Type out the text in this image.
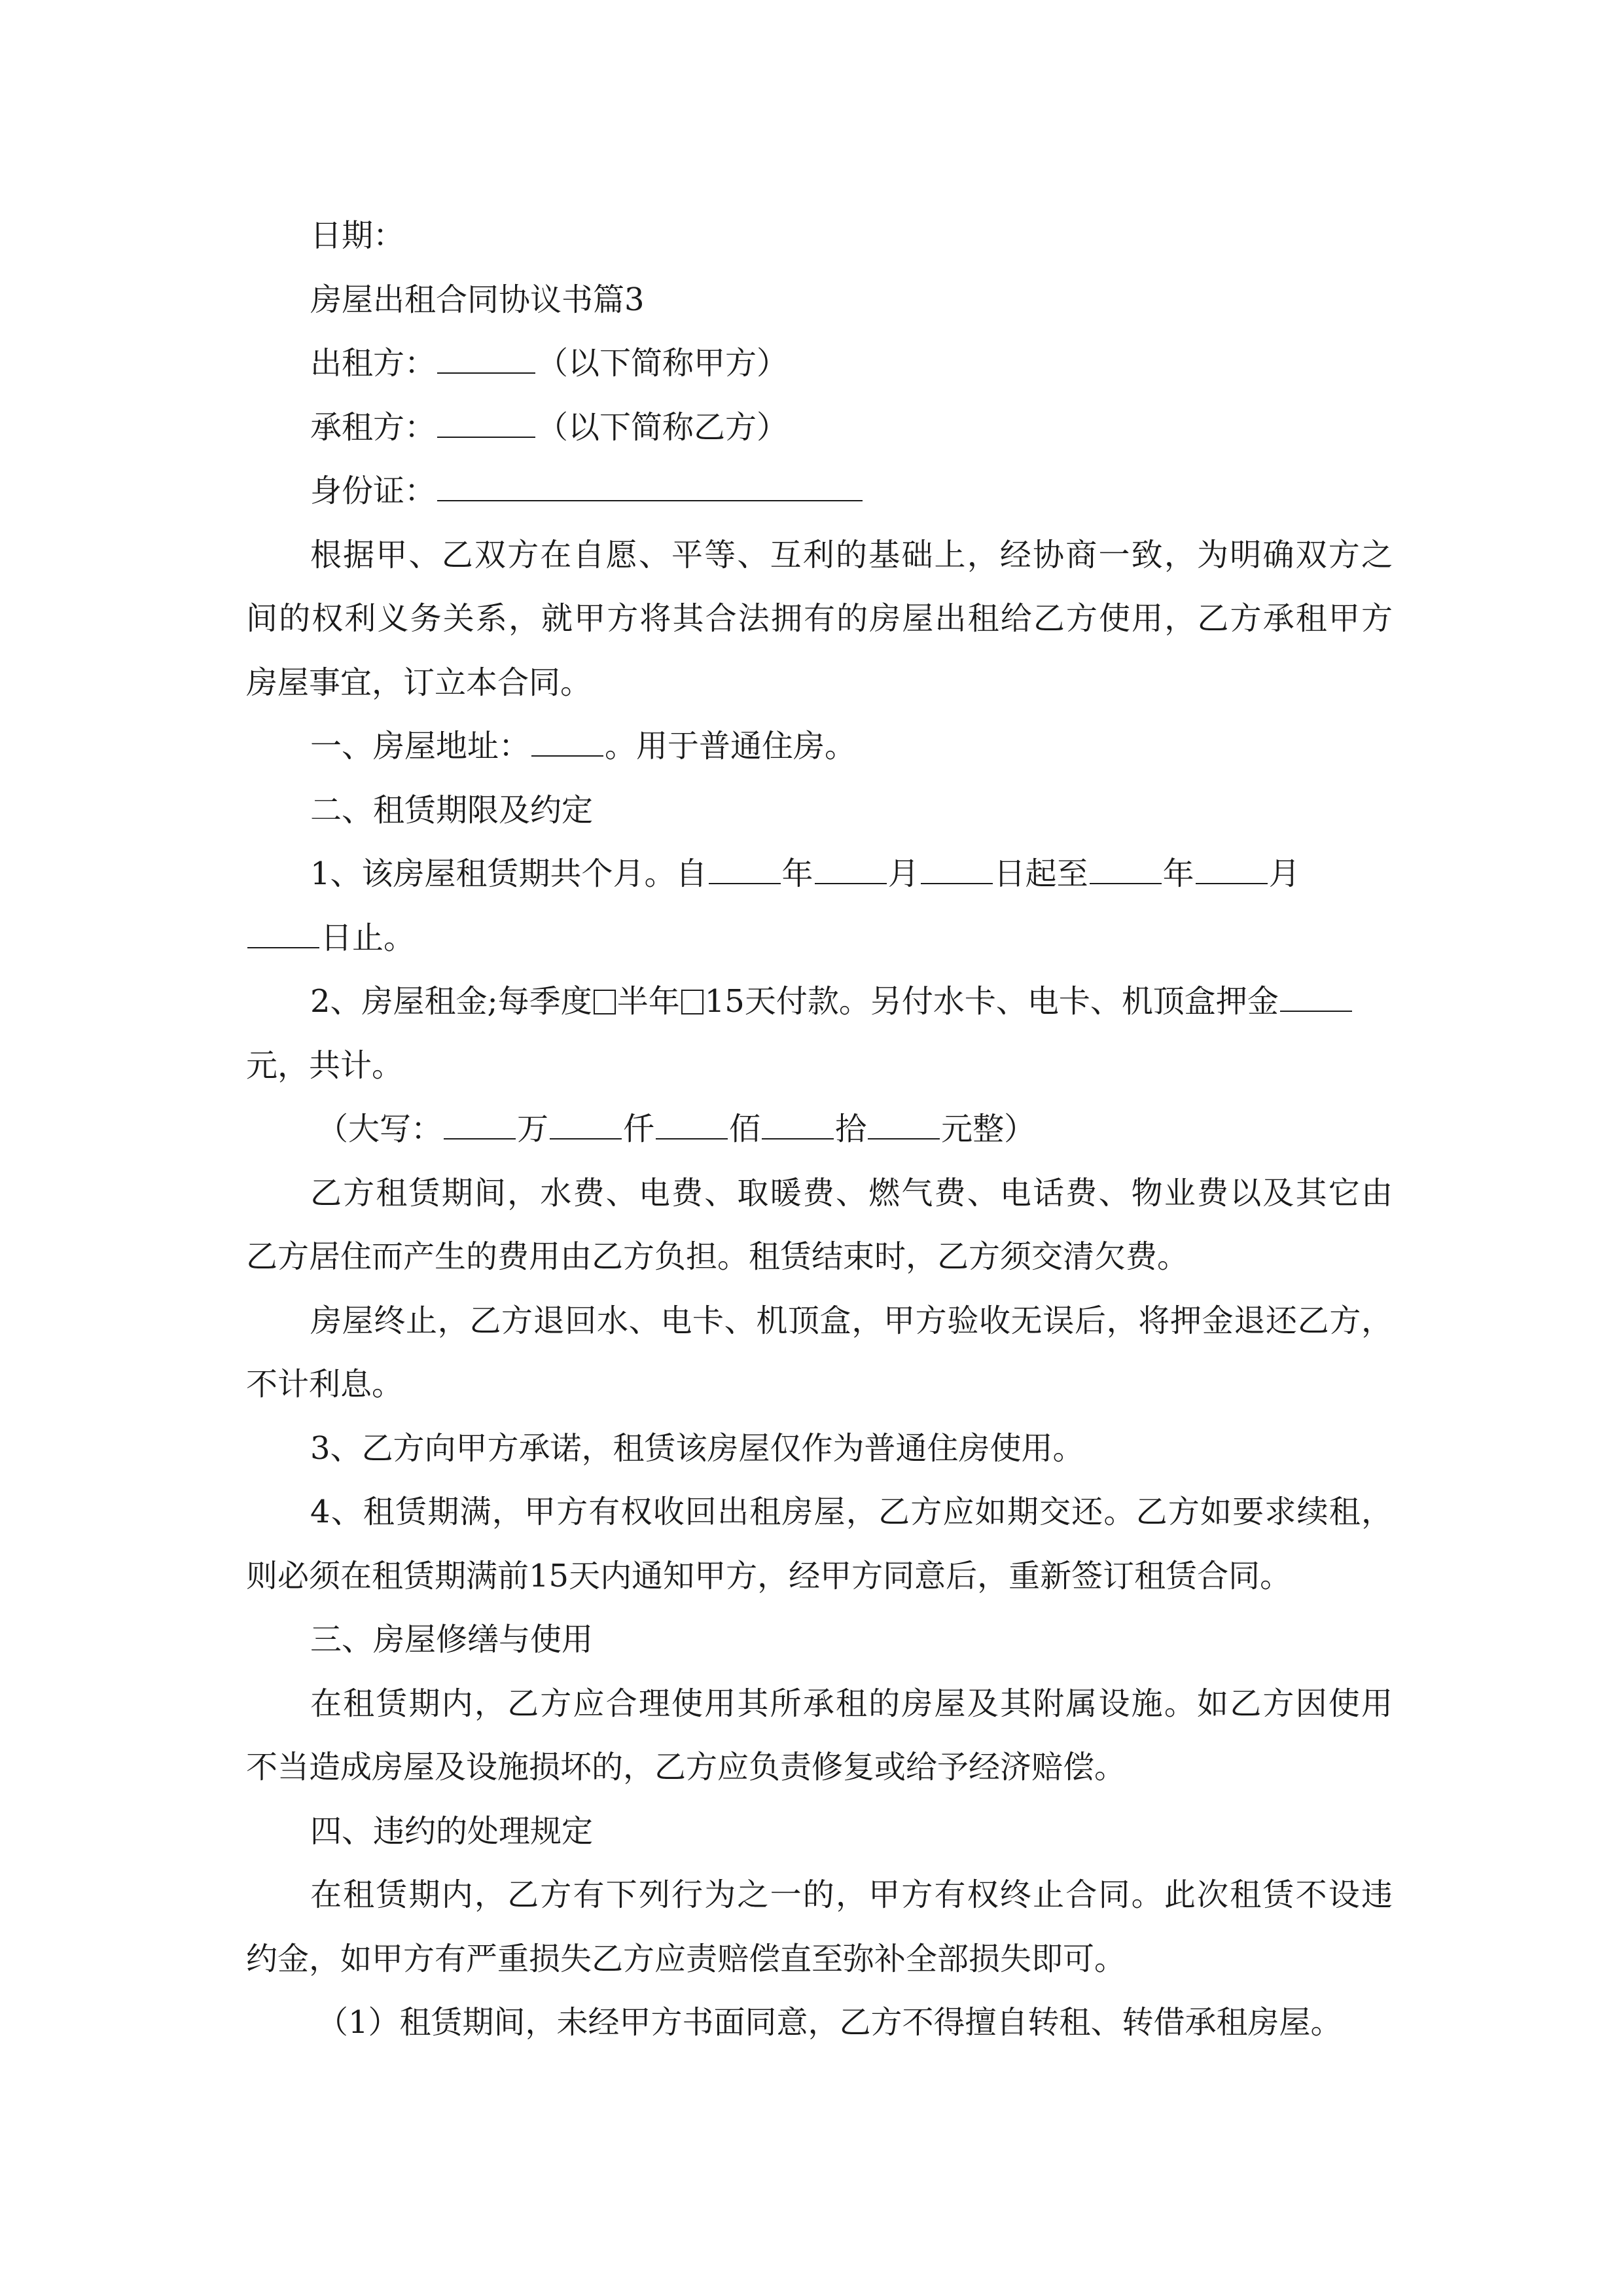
日期：
房屋出租合同协议书篇3
出租方：	（以下简称甲方）
承租方：	（以下简称乙方）
身份证：
根据甲、乙双方在自愿、平等、互利的基础上，经协商一致，为明确双方之
间的权利义务关系，就甲方将其合法拥有的房屋出租给乙方使用，乙方承租甲方
房屋事宜，订立本合同。
一、房屋地址： 。用于普通住房。
二、租赁期限及约定
1、该房屋租赁期共个月。自 年 月 日起至 年 月
日止。
2、房屋租金;每季度 半年 15天付款。另付水卡、电卡、机顶盒押金
元，共计。
（大写： 万 仟 佰 拾 元整）
乙方租赁期间，水费、电费、取暖费、燃气费、电话费、物业费以及其它由
乙方居住而产生的费用由乙方负担。租赁结束时，乙方须交清欠费。
房屋终止，乙方退回水、电卡、机顶盒，甲方验收无误后，将押金退还乙方，
不计利息。
3、乙方向甲方承诺，租赁该房屋仅作为普通住房使用。
4、租赁期满，甲方有权收回出租房屋，乙方应如期交还。乙方如要求续租，
则必须在租赁期满前15天内通知甲方，经甲方同意后，重新签订租赁合同。
三、房屋修缮与使用
在租赁期内，乙方应合理使用其所承租的房屋及其附属设施。如乙方因使用
不当造成房屋及设施损坏的，乙方应负责修复或给予经济赔偿。
四、违约的处理规定
在租赁期内，乙方有下列行为之一的，甲方有权终止合同。此次租赁不设违
约金，如甲方有严重损失乙方应责赔偿直至弥补全部损失即可。
（1）租赁期间，未经甲方书面同意，乙方不得擅自转租、转借承租房屋。
